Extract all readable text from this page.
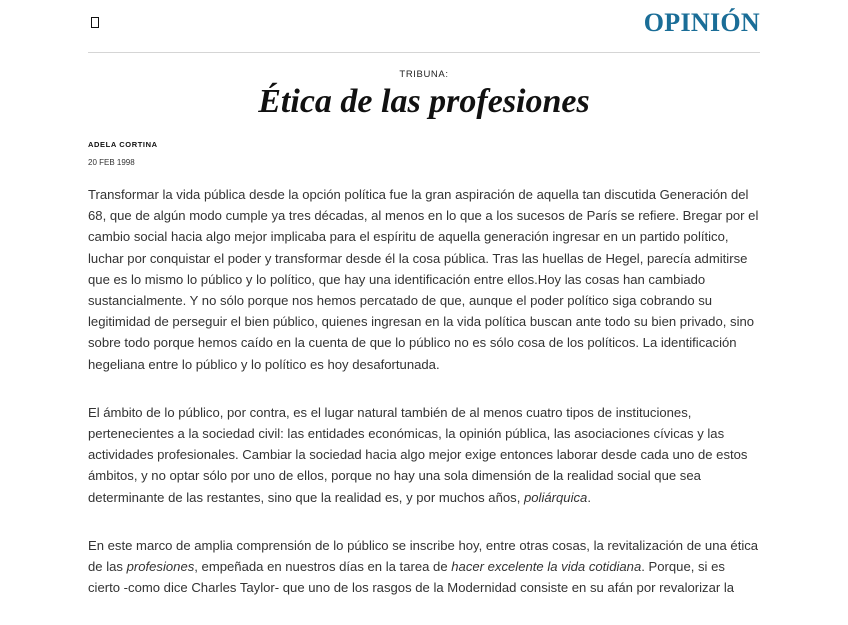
OPINIÓN
TRIBUNA:
Ética de las profesiones
ADELA CORTINA
20 FEB 1998

Transformar la vida pública desde la opción política fue la gran aspiración de aquella tan discutida Generación del 68, que de algún modo cumple ya tres décadas, al menos en lo que a los sucesos de París se refiere. Bregar por el cambio social hacia algo mejor implicaba para el espíritu de aquella generación ingresar en un partido político, luchar por conquistar el poder y transformar desde él la cosa pública. Tras las huellas de Hegel, parecía admitirse que es lo mismo lo público y lo político, que hay una identificación entre ellos.Hoy las cosas han cambiado sustancialmente. Y no sólo porque nos hemos percatado de que, aunque el poder político siga cobrando su legitimidad de perseguir el bien público, quienes ingresan en la vida política buscan ante todo su bien privado, sino sobre todo porque hemos caído en la cuenta de que lo público no es sólo cosa de los políticos. La identificación hegeliana entre lo público y lo político es hoy desafortunada.

El ámbito de lo público, por contra, es el lugar natural también de al menos cuatro tipos de instituciones, pertenecientes a la sociedad civil: las entidades económicas, la opinión pública, las asociaciones cívicas y las actividades profesionales. Cambiar la sociedad hacia algo mejor exige entonces laborar desde cada uno de estos ámbitos, y no optar sólo por uno de ellos, porque no hay una sola dimensión de la realidad social que sea determinante de las restantes, sino que la realidad es, y por muchos años, poliárquica.

En este marco de amplia comprensión de lo público se inscribe hoy, entre otras cosas, la revitalización de una ética de las profesiones, empeñada en nuestros días en la tarea de hacer excelente la vida cotidiana. Porque, si es cierto -como dice Charles Taylor- que uno de los rasgos de la Modernidad consiste en su afán por revalorizar la
